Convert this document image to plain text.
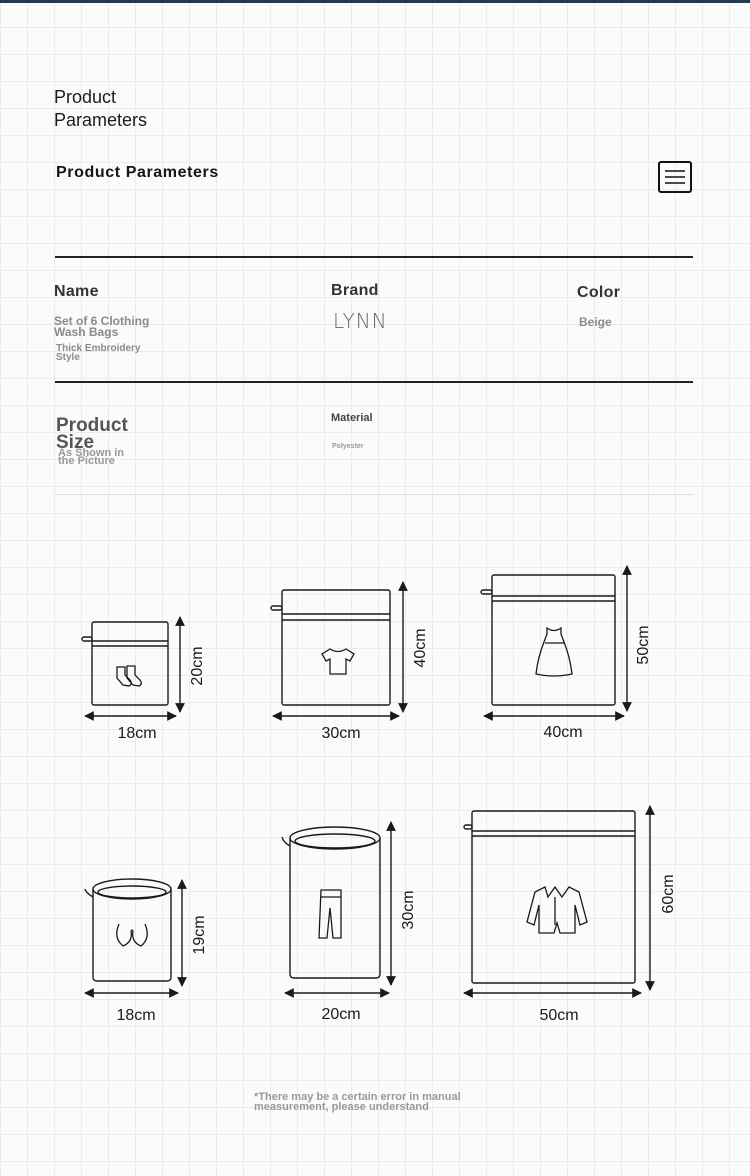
Product
Parameters
Product Parameters
Name
Set of 6 Clothing
Wash Bags
Thick Embroidery
Style
Brand
LYNN
Color
Beige
Product
Size
As Shown in
the Picture
Material
Polyester
18cm
20cm
30cm
40cm
40cm
50cm
18cm
19cm
20cm
30cm
50cm
60cm
*There may be a certain error in manual
measurement, please understand
